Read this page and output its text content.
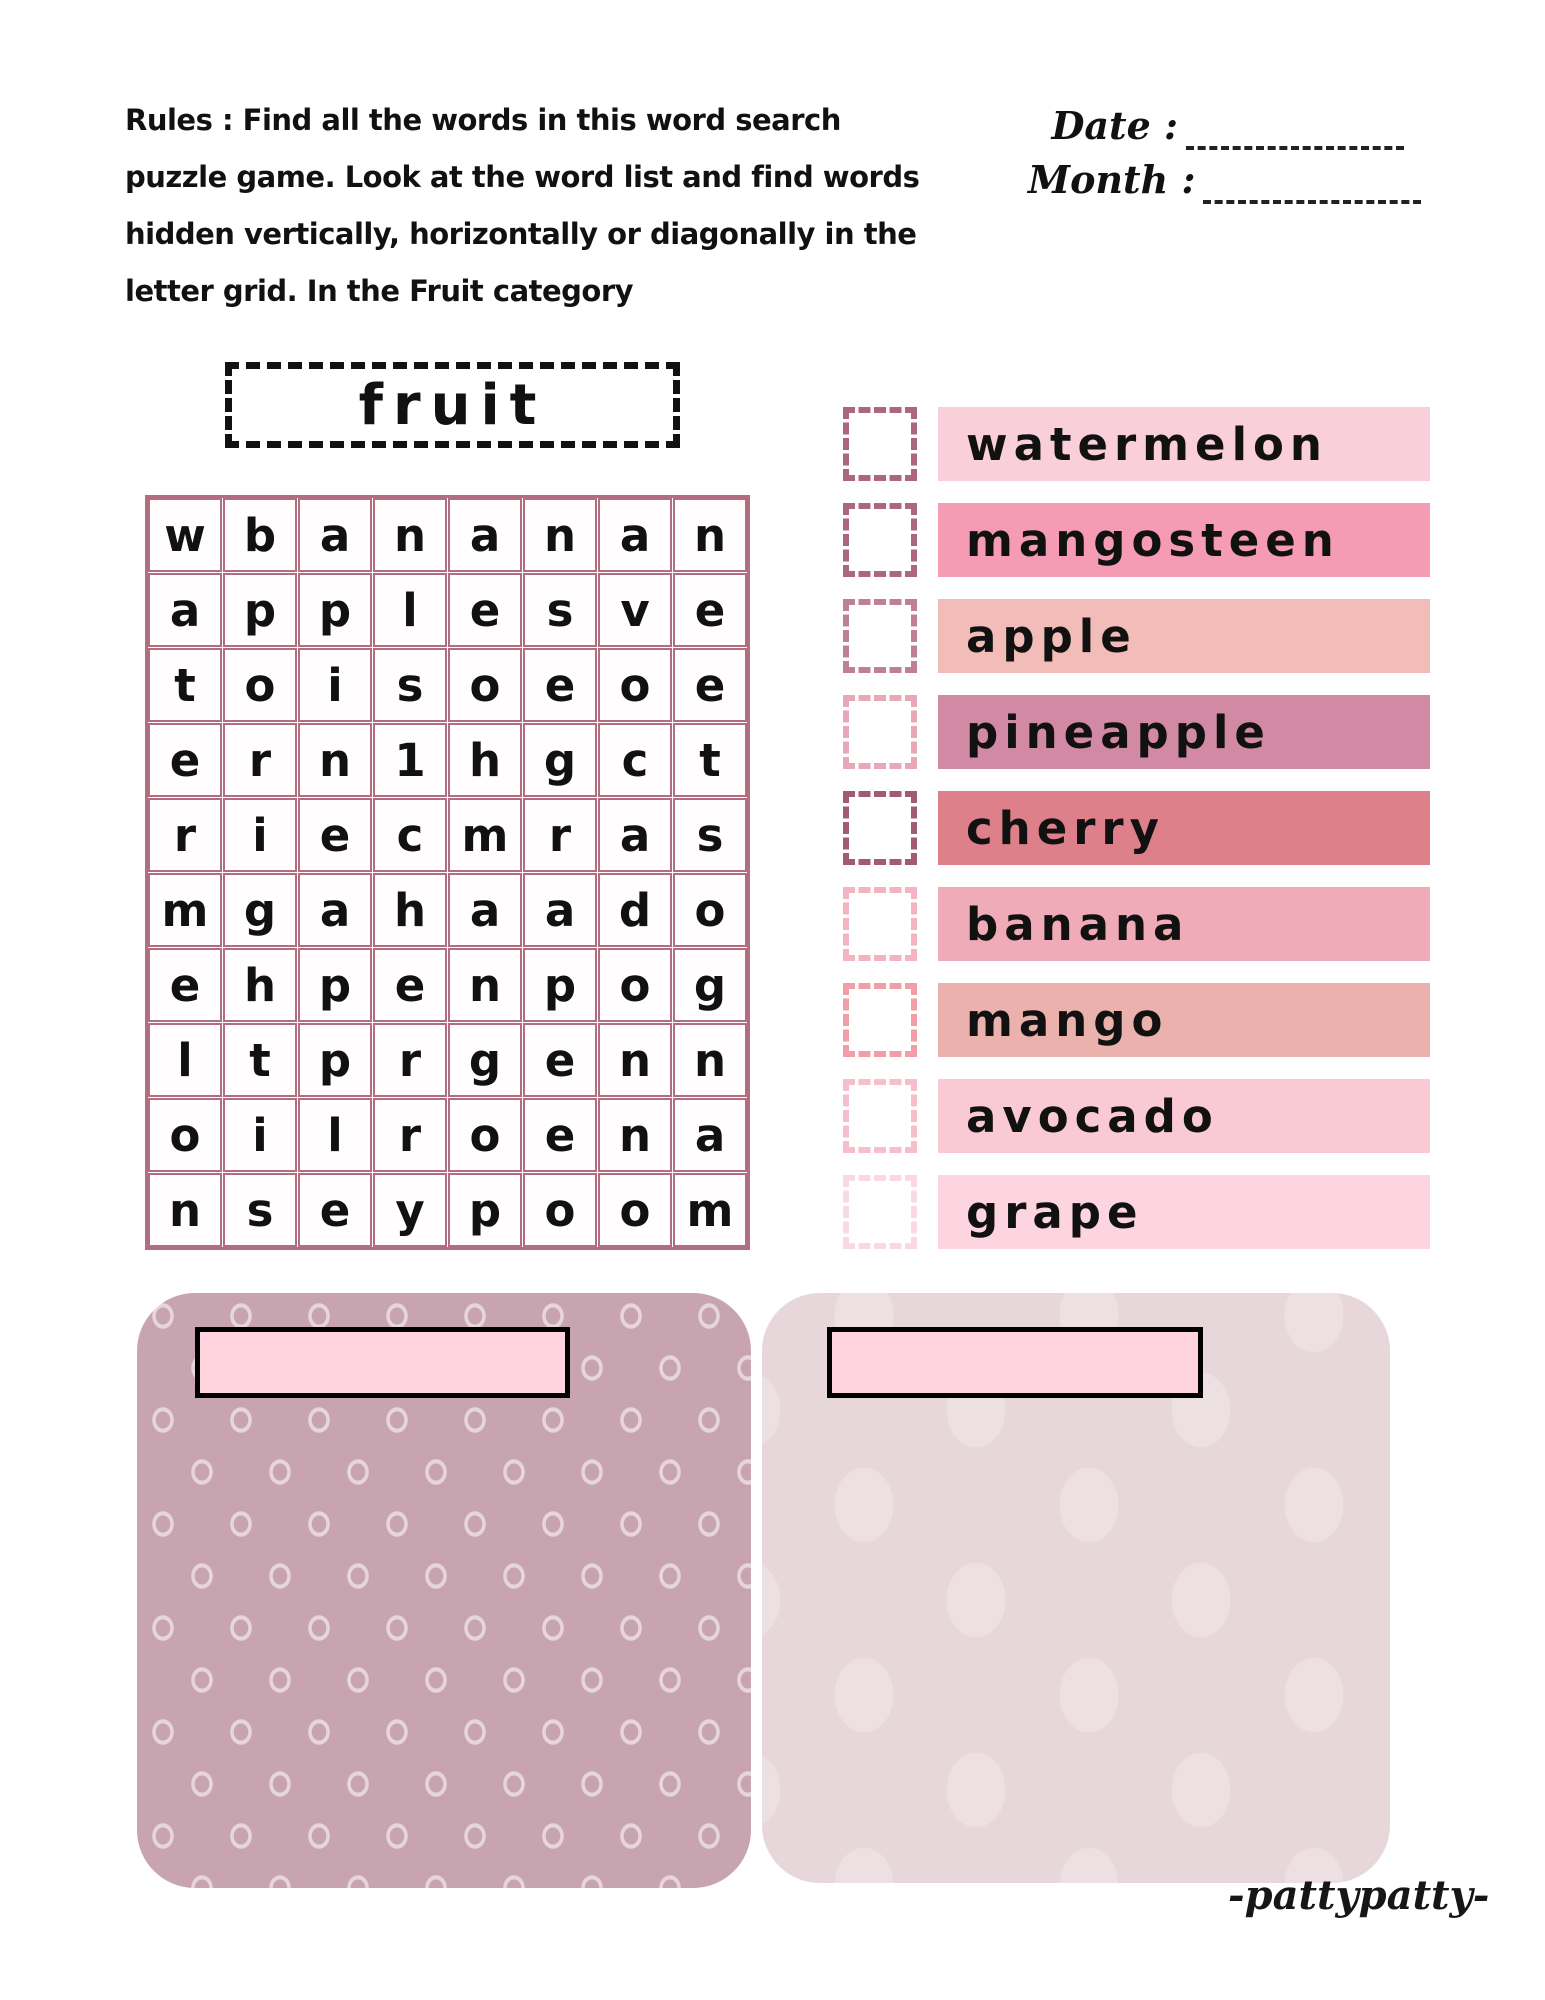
Rules : Find all the words in this word search
puzzle game. Look at the word list and find words
hidden vertically, horizontally or diagonally in the
letter grid. In the Fruit category
Date :
Month :
fruit
w b a n a n a n
a p p	l	e	s	v	e
t	o	i	s	o e o e
e	r	n 1 h g	c	t
r	i	e	c m r	a	s
m g a h a a d o
e h p e n p o g
l	t	p	r	g e n n
o	i	l	r	o e n a
n	s	e	y p o o m
watermelon
mangosteen
apple
pineapple
cherry
banana
mango
avocado
grape
-pattypatty-
